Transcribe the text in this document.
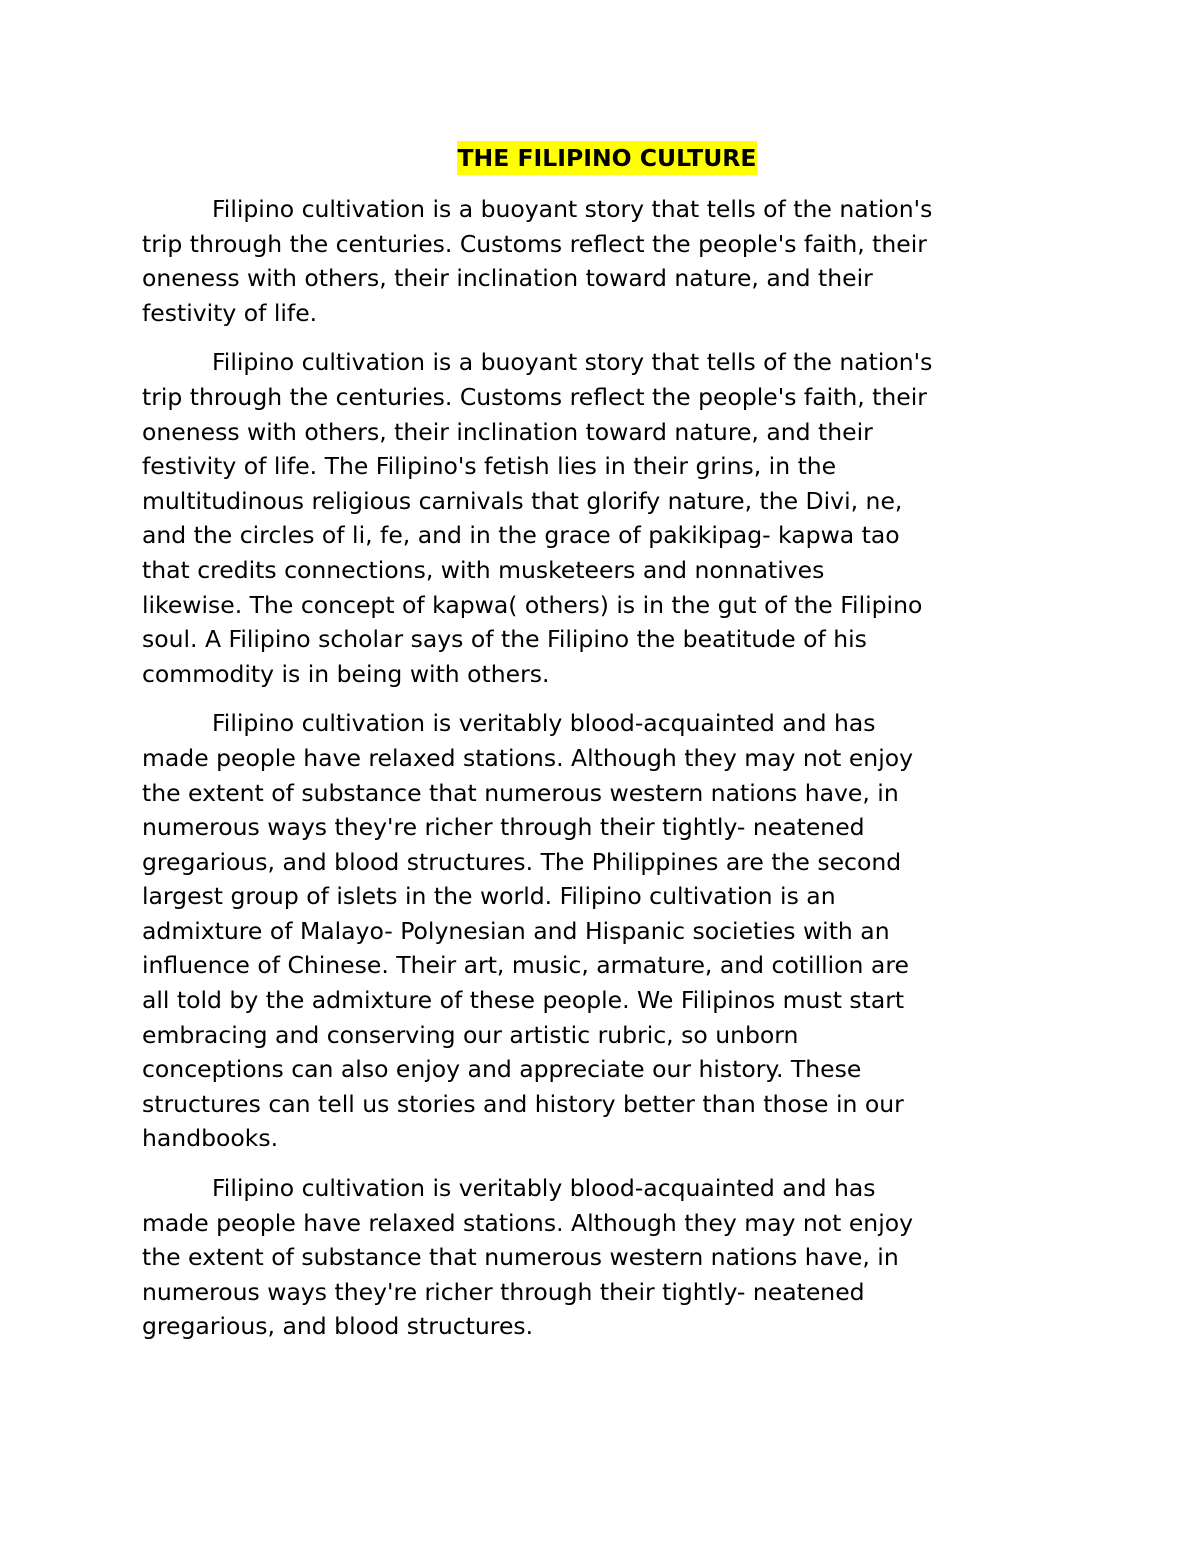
THE FILIPINO CULTURE

Filipino cultivation is a buoyant story that tells of the nation's
trip through the centuries. Customs reflect the people's faith, their
oneness with others, their inclination toward nature, and their
festivity of life.

Filipino cultivation is a buoyant story that tells of the nation's
trip through the centuries. Customs reflect the people's faith, their
oneness with others, their inclination toward nature, and their
festivity of life. The Filipino's fetish lies in their grins, in the
multitudinous religious carnivals that glorify nature, the Divi, ne,
and the circles of li, fe, and in the grace of pakikipag- kapwa tao
that credits connections, with musketeers and nonnatives
likewise. The concept of kapwa( others) is in the gut of the Filipino
soul. A Filipino scholar says of the Filipino the beatitude of his
commodity is in being with others.

Filipino cultivation is veritably blood-acquainted and has
made people have relaxed stations. Although they may not enjoy
the extent of substance that numerous western nations have, in
numerous ways they're richer through their tightly- neatened
gregarious, and blood structures. The Philippines are the second
largest group of islets in the world. Filipino cultivation is an
admixture of Malayo- Polynesian and Hispanic societies with an
influence of Chinese. Their art, music, armature, and cotillion are
all told by the admixture of these people. We Filipinos must start
embracing and conserving our artistic rubric, so unborn
conceptions can also enjoy and appreciate our history. These
structures can tell us stories and history better than those in our
handbooks.

Filipino cultivation is veritably blood-acquainted and has
made people have relaxed stations. Although they may not enjoy
the extent of substance that numerous western nations have, in
numerous ways they're richer through their tightly- neatened
gregarious, and blood structures.
